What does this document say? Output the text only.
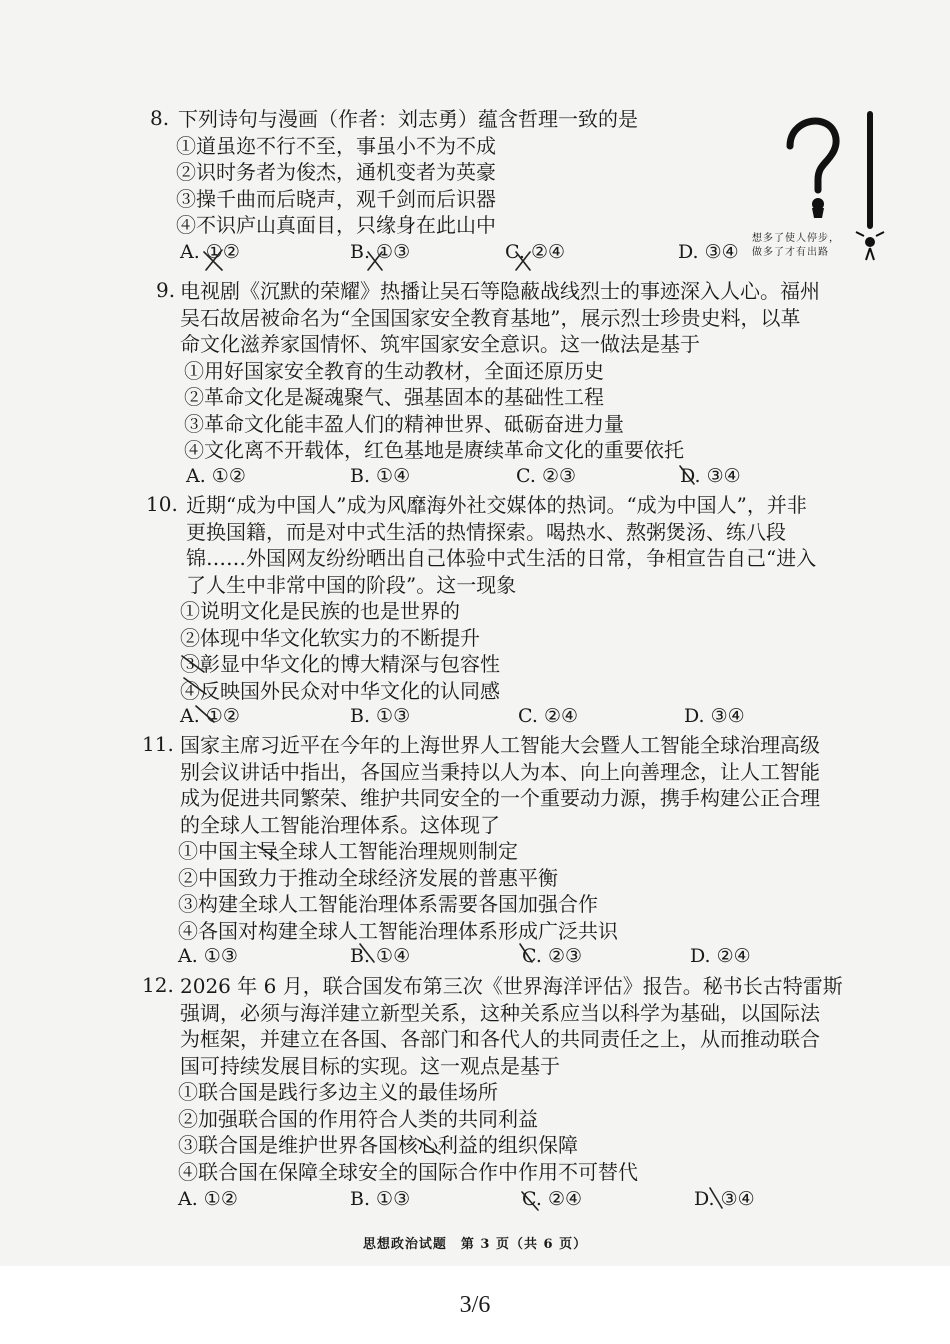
8. 下列诗句与漫画（作者：刘志勇）蕴含哲理一致的是

①道虽迩不行不至，事虽小不为不成
②识时务者为俊杰，通机变者为英豪
③操千曲而后晓声，观千剑而后识器
④不识庐山真面目，只缘身在此山中
A. ①②	B. ①③	C. ②④	D. ③④
想多了使人停步，
做多了才有出路
9. 电视剧《沉默的荣耀》热播让吴石等隐蔽战线烈士的事迹深入人心。福州

吴石故居被命名为“全国国家安全教育基地”，展示烈士珍贵史料，以革

命文化滋养家国情怀、筑牢国家安全意识。这一做法是基于

①用好国家安全教育的生动教材，全面还原历史
②革命文化是凝魂聚气、强基固本的基础性工程
③革命文化能丰盈人们的精神世界、砥砺奋进力量
④文化离不开载体，红色基地是赓续革命文化的重要依托
A. ①②	B. ①④	C. ②③	D. ③④
10. 近期“成为中国人”成为风靡海外社交媒体的热词。“成为中国人”，并非

更换国籍，而是对中式生活的热情探索。喝热水、熬粥煲汤、练八段

锦……外国网友纷纷晒出自己体验中式生活的日常，争相宣告自己“进入

了人生中非常中国的阶段”。这一现象

①说明文化是民族的也是世界的
②体现中华文化软实力的不断提升
③彰显中华文化的博大精深与包容性
④反映国外民众对中华文化的认同感
A. ①②	B. ①③	C. ②④	D. ③④
11. 国家主席习近平在今年的上海世界人工智能大会暨人工智能全球治理高级

别会议讲话中指出，各国应当秉持以人为本、向上向善理念，让人工智能

成为促进共同繁荣、维护共同安全的一个重要动力源，携手构建公正合理

的全球人工智能治理体系。这体现了

①中国主导全球人工智能治理规则制定
②中国致力于推动全球经济发展的普惠平衡
③构建全球人工智能治理体系需要各国加强合作
④各国对构建全球人工智能治理体系形成广泛共识
A. ①③	B. ①④	C. ②③	D. ②④
12. 2026 年 6 月，联合国发布第三次《世界海洋评估》报告。秘书长古特雷斯

强调，必须与海洋建立新型关系，这种关系应当以科学为基础，以国际法

为框架，并建立在各国、各部门和各代人的共同责任之上，从而推动联合

国可持续发展目标的实现。这一观点是基于

①联合国是践行多边主义的最佳场所
②加强联合国的作用符合人类的共同利益
③联合国是维护世界各国核心利益的组织保障
④联合国在保障全球安全的国际合作中作用不可替代
A. ①②	B. ①③	C. ②④	D. ③④
思想政治试题　第 3 页（共 6 页）
3/6
